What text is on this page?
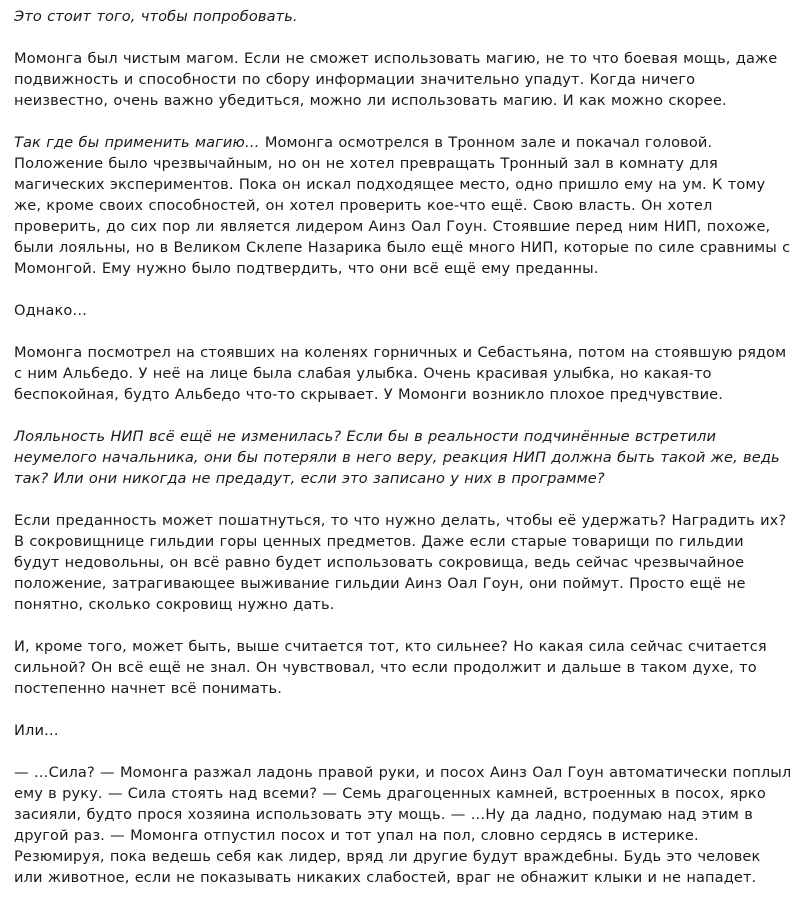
Это стоит того, чтобы попробовать.

Момонга был чистым магом. Если не сможет использовать магию, не то что боевая мощь, даже подвижность и способности по сбору информации значительно упадут. Когда ничего неизвестно, очень важно убедиться, можно ли использовать магию. И как можно скорее.

Так где бы применить магию… Момонга осмотрелся в Тронном зале и покачал головой. Положение было чрезвычайным, но он не хотел превращать Тронный зал в комнату для магических экспериментов. Пока он искал подходящее место, одно пришло ему на ум. К тому же, кроме своих способностей, он хотел проверить кое-что ещё. Свою власть. Он хотел проверить, до сих пор ли является лидером Аинз Оал Гоун. Стоявшие перед ним НИП, похоже, были лояльны, но в Великом Склепе Назарика было ещё много НИП, которые по силе сравнимы с Момонгой. Ему нужно было подтвердить, что они всё ещё ему преданны.

Однако…

Момонга посмотрел на стоявших на коленях горничных и Себастьяна, потом на стоявшую рядом с ним Альбедо. У неё на лице была слабая улыбка. Очень красивая улыбка, но какая-то беспокойная, будто Альбедо что-то скрывает. У Момонги возникло плохое предчувствие.

Лояльность НИП всё ещё не изменилась? Если бы в реальности подчинённые встретили неумелого начальника, они бы потеряли в него веру, реакция НИП должна быть такой же, ведь так? Или они никогда не предадут, если это записано у них в программе?

Если преданность может пошатнуться, то что нужно делать, чтобы её удержать? Наградить их? В сокровищнице гильдии горы ценных предметов. Даже если старые товарищи по гильдии будут недовольны, он всё равно будет использовать сокровища, ведь сейчас чрезвычайное положение, затрагивающее выживание гильдии Аинз Оал Гоун, они поймут. Просто ещё не понятно, сколько сокровищ нужно дать.

И, кроме того, может быть, выше считается тот, кто сильнее? Но какая сила сейчас считается сильной? Он всё ещё не знал. Он чувствовал, что если продолжит и дальше в таком духе, то постепенно начнет всё понимать.

Или…

— …Сила? — Момонга разжал ладонь правой руки, и посох Аинз Оал Гоун автоматически поплыл ему в руку. — Сила стоять над всеми? — Семь драгоценных камней, встроенных в посох, ярко засияли, будто прося хозяина использовать эту мощь. — …Ну да ладно, подумаю над этим в другой раз. — Момонга отпустил посох и тот упал на пол, словно сердясь в истерике. Резюмируя, пока ведешь себя как лидер, вряд ли другие будут враждебны. Будь это человек или животное, если не показывать никаких слабостей, враг не обнажит клыки и не нападет.
